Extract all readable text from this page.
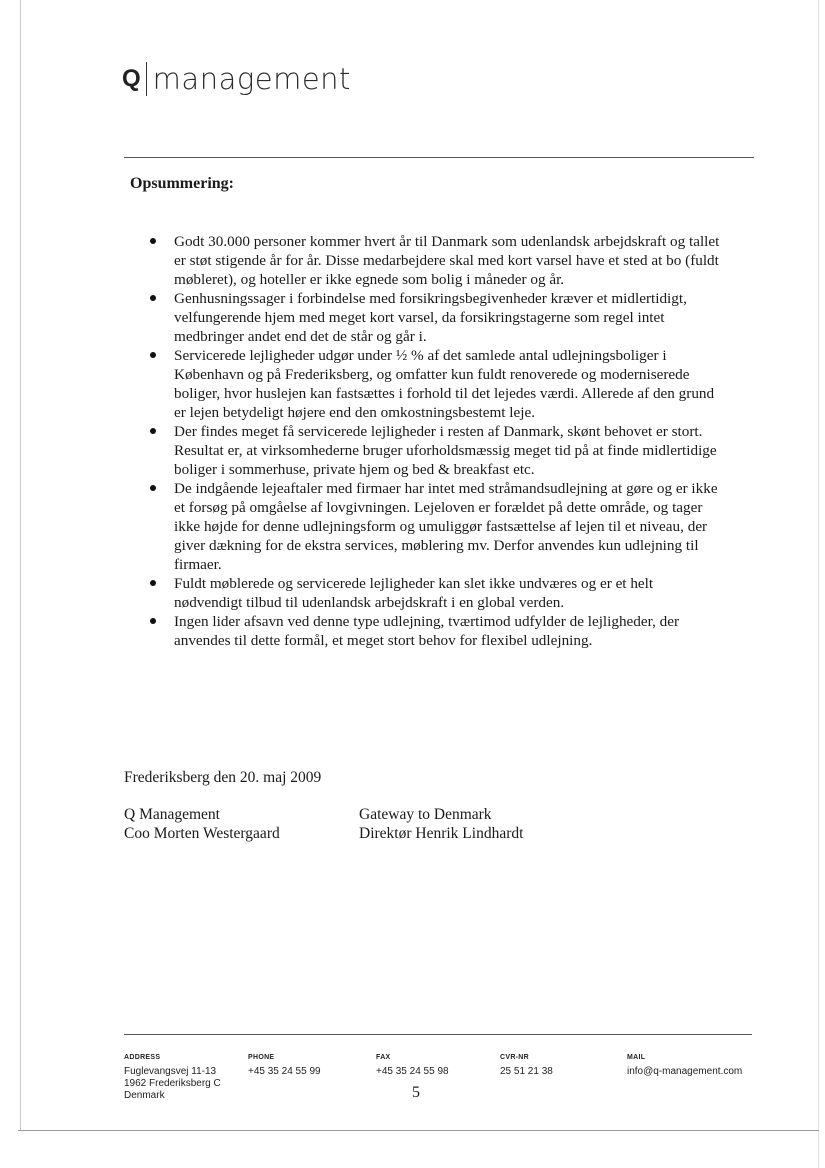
Q management
Opsummering:
Godt 30.000 personer kommer hvert år til Danmark som udenlandsk arbejdskraft og tallet er støt stigende år for år. Disse medarbejdere skal med kort varsel have et sted at bo (fuldt møbleret), og hoteller er ikke egnede som bolig i måneder og år.
Genhusningssager i forbindelse med forsikringsbegivenheder kræver et midlertidigt, velfungerende hjem med meget kort varsel, da forsikringstagerne som regel intet medbringer andet end det de står og går i.
Servicerede lejligheder udgør under ½ % af det samlede antal udlejningsboliger i København og på Frederiksberg, og omfatter kun fuldt renoverede og moderniserede boliger, hvor huslejen kan fastsættes i forhold til det lejedes værdi. Allerede af den grund er lejen betydeligt højere end den omkostningsbestemt leje.
Der findes meget få servicerede lejligheder i resten af Danmark, skønt behovet er stort. Resultat er, at virksomhederne bruger uforholdsmæssig meget tid på at finde midlertidige boliger i sommerhuse, private hjem og bed & breakfast etc.
De indgående lejeaftaler med firmaer har intet med stråmandsudlejning at gøre og er ikke et forsøg på omgåelse af lovgivningen. Lejeloven er forældet på dette område, og tager ikke højde for denne udlejningsform og umuliggør fastsættelse af lejen til et niveau, der giver dækning for de ekstra services, møblering mv. Derfor anvendes kun udlejning til firmaer.
Fuldt møblerede og servicerede lejligheder kan slet ikke undværes og er et helt nødvendigt tilbud til udenlandsk arbejdskraft i en global verden.
Ingen lider afsavn ved denne type udlejning, tværtimod udfylder de lejligheder, der anvendes til dette formål, et meget stort behov for flexibel udlejning.
Frederiksberg den 20. maj 2009
Q Management
Coo Morten Westergaard
Gateway to Denmark
Direktør Henrik Lindhardt
ADDRESS
Fuglevangsvej 11-13
1962 Frederiksberg C
Denmark
PHONE
+45 35 24 55 99
FAX
+45 35 24 55 98
CVR-NR
25 51 21 38
MAIL
info@q-management.com
5
